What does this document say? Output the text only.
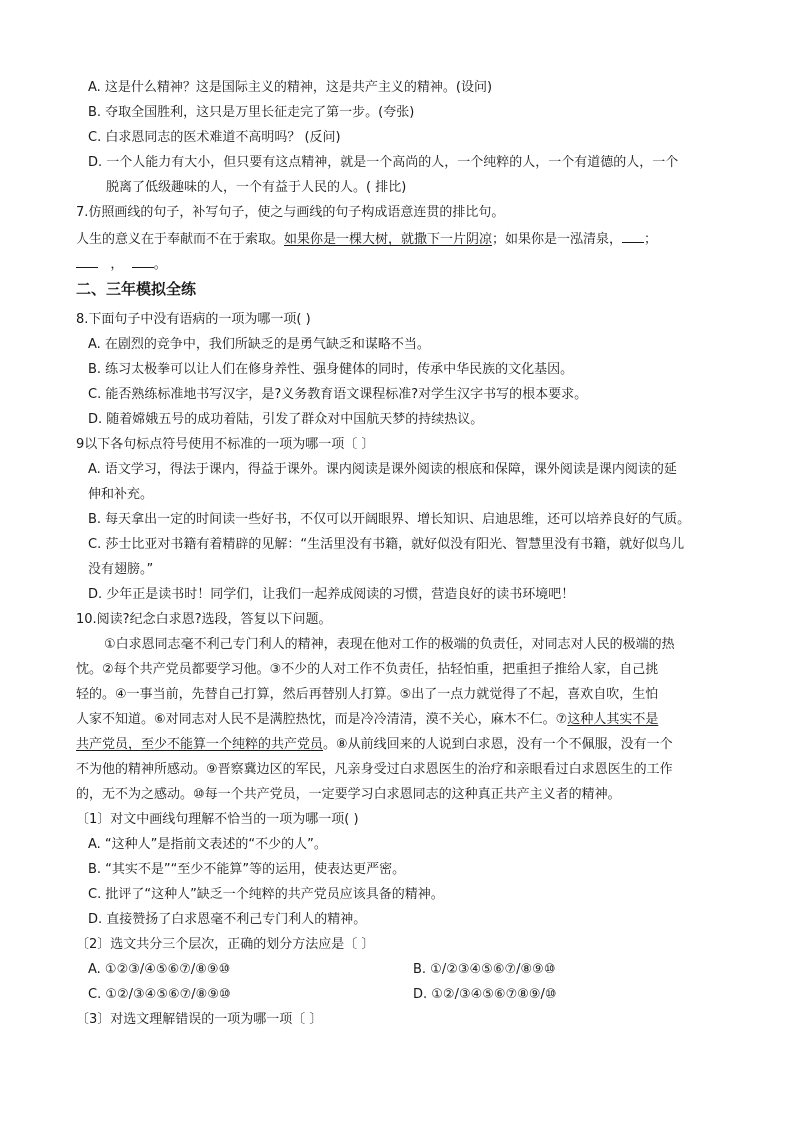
A. 这是什么精神？这是国际主义的精神，这是共产主义的精神。(设问)
B. 夺取全国胜利，这只是万里长征走完了第一步。(夸张)
C. 白求恩同志的医术难道不高明吗？ (反问)
D. 一个人能力有大小，但只要有这点精神，就是一个高尚的人，一个纯粹的人，一个有道德的人，一个
脱离了低级趣味的人，一个有益于人民的人。( 排比)
7.仿照画线的句子，补写句子，使之与画线的句子构成语意连贯的排比句。
人生的意义在于奉献而不在于索取。如果你是一棵大树，就撒下一片阴凉；如果你是一泓清泉， ；
， 。
二、三年模拟全练
8.下面句子中没有语病的一项为哪一项( )
A. 在剧烈的竞争中，我们所缺乏的是勇气缺乏和谋略不当。
B. 练习太极拳可以让人们在修身养性、强身健体的同时，传承中华民族的文化基因。
C. 能否熟练标准地书写汉字，是?义务教育语文课程标准?对学生汉字书写的根本要求。
D. 随着嫦娥五号的成功着陆，引发了群众对中国航天梦的持续热议。
9以下各句标点符号使用不标准的一项为哪一项〔 〕
A. 语文学习，得法于课内，得益于课外。课内阅读是课外阅读的根底和保障，课外阅读是课内阅读的延
伸和补充。
B. 每天拿出一定的时间读一些好书，不仅可以开阔眼界、增长知识、启迪思维，还可以培养良好的气质。
C. 莎士比亚对书籍有着精辟的见解：“生活里没有书籍，就好似没有阳光、智慧里没有书籍，就好似鸟儿
没有翅膀。”
D. 少年正是读书时！同学们，让我们一起养成阅读的习惯，营造良好的读书环境吧！
10.阅读?纪念白求恩?选段，答复以下问题。
①白求恩同志毫不利己专门利人的精神，表现在他对工作的极端的负责任，对同志对人民的极端的热
忱。②每个共产党员都要学习他。③不少的人对工作不负责任，拈轻怕重，把重担子推给人家，自己挑
轻的。④一事当前，先替自己打算，然后再替别人打算。⑤出了一点力就觉得了不起，喜欢自吹，生怕
人家不知道。⑥对同志对人民不是满腔热忱，而是冷冷清清，漠不关心，麻木不仁。⑦这种人其实不是
共产党员，至少不能算一个纯粹的共产党员。⑧从前线回来的人说到白求恩，没有一个不佩服，没有一个
不为他的精神所感动。⑨晋察冀边区的军民，凡亲身受过白求恩医生的治疗和亲眼看过白求恩医生的工作
的，无不为之感动。⑩每一个共产党员，一定要学习白求恩同志的这种真正共产主义者的精神。
〔1〕对文中画线句理解不恰当的一项为哪一项( )
A. “这种人”是指前文表述的“不少的人”。
B. “其实不是”“至少不能算”等的运用，使表达更严密。
C. 批评了“这种人”缺乏一个纯粹的共产党员应该具备的精神。
D. 直接赞扬了白求恩毫不利己专门利人的精神。
〔2〕选文共分三个层次，正确的划分方法应是〔 〕
A. ①②③/④⑤⑥⑦/⑧⑨⑩	B. ①/②③④⑤⑥⑦/⑧⑨⑩
C. ①②/③④⑤⑥⑦/⑧⑨⑩	D. ①②/③④⑤⑥⑦⑧⑨/⑩
〔3〕对选文理解错误的一项为哪一项〔 〕
